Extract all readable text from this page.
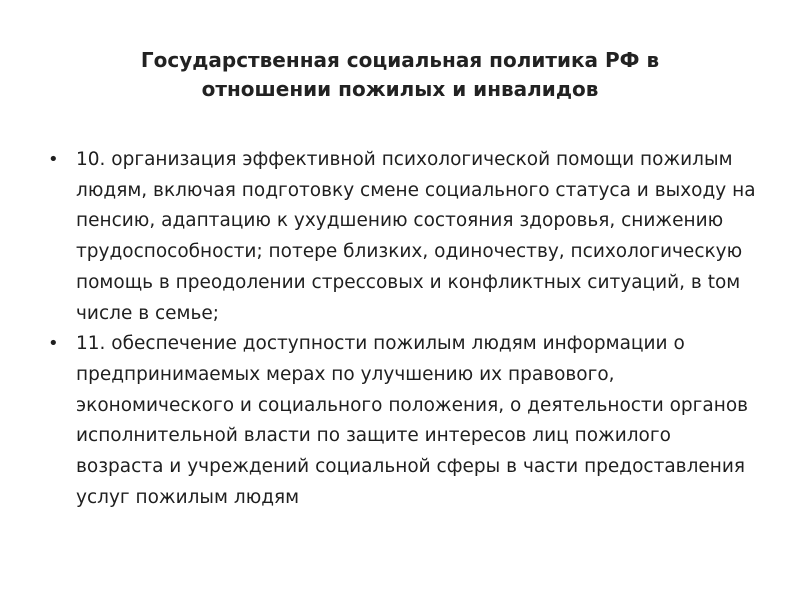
Государственная социальная политика РФ в отношении пожилых и инвалидов
• 10. организация эффективной психологической помощи пожилым людям, включая подготовку смене социального статуса и выходу на пенсию, адаптацию к ухудшению состояния здоровья, снижению трудоспособности; потере близких, одиночеству, психологическую помощь в преодолении стрессовых и конфликтных ситуаций, в tом числе в семье;
• 11. обеспечение доступности пожилым людям информации о предпринимаемых мерах по улучшению их правового, экономического и социального положения, о деятельности органов исполнительной власти по защите интересов лиц пожилого возраста и учреждений социальной сферы в части предоставления услуг пожилым людям
